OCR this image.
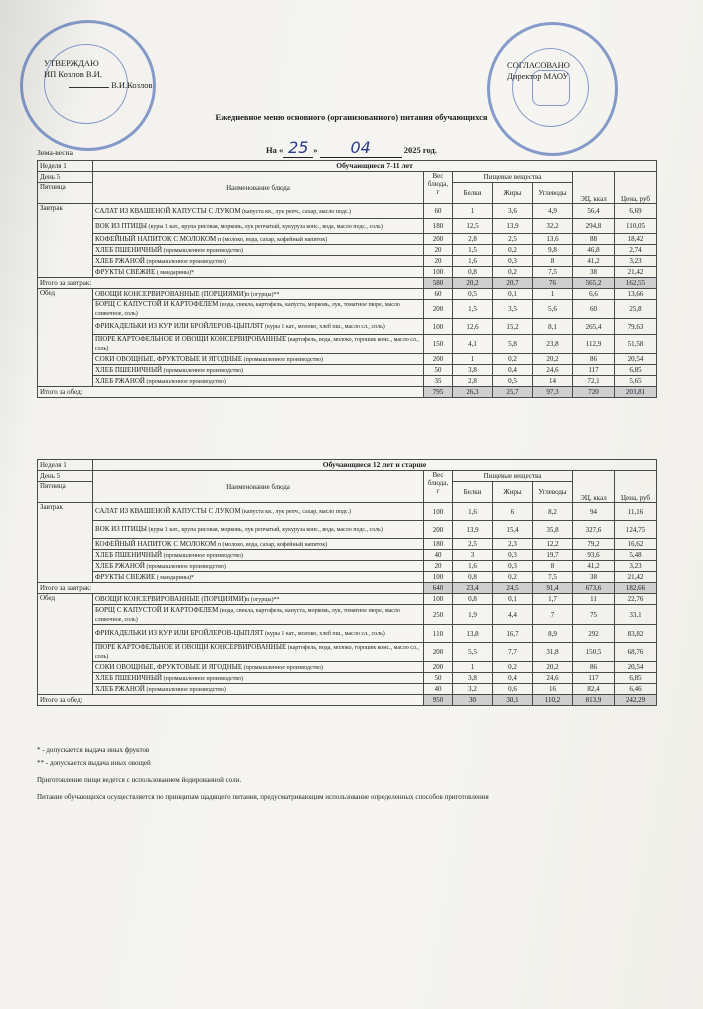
УТВЕРЖДАЮ
ИП Козлов В.И.
В.И.Козлов
СОГЛАСОВАНО
Директор МАОУ
Ежедневное меню основного (организованного) питания обучающихся
На « 25 » 04	2025 год.
Зима-весна
Неделя 1	Обучающиеся 7-11 лет						
День 5	Наименование блюда	Вес блюда, г	Пищевые вещества			ЭЦ, ккал	Цена, руб
Пятница			Белки	Жиры	Углеводы		

Завтрак	САЛАТ ИЗ КВАШЕНОЙ КАПУСТЫ С ЛУКОМ (капуста кв., лук репч., сахар, масло подс.)	60	1	3,6	4,9	56,4	6,69
	ВОК ИЗ ПТИЦЫ (куры 1 кат., крупа рисовая, морковь, лук репчатый, кукуруза конс., вода, масло подс., соль)	180	12,5	13,9	32,2	294,8	110,05
	КОФЕЙНЫЙ НАПИТОК С МОЛОКОМ п (молоко, вода, сахар, кофейный напиток)	200	2,8	2,5	13,6	88	18,42
	ХЛЕБ ПШЕНИЧНЫЙ (промышленное производство)	20	1,5	0,2	9,8	46,8	2,74
	ХЛЕБ РЖАНОЙ (промышленное производство)	20	1,6	0,3	8	41,2	3,23
	ФРУКТЫ СВЕЖИЕ ( мандарины)*	100	0,8	0,2	7,5	38	21,42
Итого за завтрак:		580	20,2	20,7	76	565,2	162,55
Обед	ОВОЩИ КОНСЕРВИРОВАННЫЕ (ПОРЦИЯМИ)п (огурцы)**	60	0,5	0,1	1	6,6	13,66
	БОРЩ С КАПУСТОЙ И КАРТОФЕЛЕМ (вода, свекла, картофель, капуста, морковь, лук, томатное пюре, масло сливочное, соль)	200	1,5	3,5	5,6	60	25,8
	ФРИКАДЕЛЬКИ ИЗ КУР ИЛИ БРОЙЛЕРОВ-ЦЫПЛЯТ (куры 1 кат., молоко, хлеб пш., масло сл., соль)	100	12,6	15,2	8,1	265,4	79,63
	ПЮРЕ КАРТОФЕЛЬНОЕ И ОВОЩИ КОНСЕРВИРОВАННЫЕ (картофель, вода, молоко, горошек конс., масло сл., соль)	150	4,1	5,8	23,8	112,9	51,58
	СОКИ ОВОЩНЫЕ, ФРУКТОВЫЕ И ЯГОДНЫЕ (промышленное производство)	200	1	0,2	20,2	86	20,54
	ХЛЕБ ПШЕНИЧНЫЙ (промышленное производство)	50	3,8	0,4	24,6	117	6,85
	ХЛЕБ РЖАНОЙ (промышленное производство)	35	2,8	0,5	14	72,1	5,65
Итого за обед:		795	26,3	25,7	97,3	720	203,81
Неделя 1	Обучающиеся 12 лет и старше						
День 5	Наименование блюда	Вес блюда, г	Пищевые вещества			ЭЦ, ккал	Цена, руб
Пятница			Белки	Жиры	Углеводы		

Завтрак	САЛАТ ИЗ КВАШЕНОЙ КАПУСТЫ С ЛУКОМ (капуста кв., лук репч., сахар, масло подс.)	100	1,6	6	8,2	94	11,16
	ВОК ИЗ ПТИЦЫ (куры 1 кат., крупа рисовая, морковь, лук репчатый, кукуруза конс., вода, масло подс., соль)	200	13,9	15,4	35,8	327,6	124,75
	КОФЕЙНЫЙ НАПИТОК С МОЛОКОМ п (молоко, вода, сахар, кофейный напиток)	180	2,5	2,3	12,2	79,2	16,62
	ХЛЕБ ПШЕНИЧНЫЙ (промышленное производство)	40	3	0,3	19,7	93,6	5,48
	ХЛЕБ РЖАНОЙ (промышленное производство)	20	1,6	0,3	8	41,2	3,23
	ФРУКТЫ СВЕЖИЕ ( мандарины)*	100	0,8	0,2	7,5	38	21,42
Итого за завтрак:		640	23,4	24,5	91,4	673,6	182,66
Обед	ОВОЩИ КОНСЕРВИРОВАННЫЕ (ПОРЦИЯМИ)п (огурцы)**	100	0,8	0,1	1,7	11	22,76
	БОРЩ С КАПУСТОЙ И КАРТОФЕЛЕМ (вода, свекла, картофель, капуста, морковь, лук, томатное пюре, масло сливочное, соль)	250	1,9	4,4	7	75	33,1
	ФРИКАДЕЛЬКИ ИЗ КУР ИЛИ БРОЙЛЕРОВ-ЦЫПЛЯТ (куры 1 кат., молоко, хлеб пш., масло сл., соль)	110	13,8	16,7	8,9	292	83,82
	ПЮРЕ КАРТОФЕЛЬНОЕ И ОВОЩИ КОНСЕРВИРОВАННЫЕ (картофель, вода, молоко, горошек конс., масло сл., соль)	200	5,5	7,7	31,8	150,5	68,76
	СОКИ ОВОЩНЫЕ, ФРУКТОВЫЕ И ЯГОДНЫЕ (промышленное производство)	200	1	0,2	20,2	86	20,54
	ХЛЕБ ПШЕНИЧНЫЙ (промышленное производство)	50	3,8	0,4	24,6	117	6,85
	ХЛЕБ РЖАНОЙ (промышленное производство)	40	3,2	0,6	16	82,4	6,46
Итого за обед:		950	30	30,1	110,2	813,9	242,29
* - допускается выдача иных фруктов
** - допускается выдача иных овощей
Приготовление пищи ведется с использованием йодированной соли.
Питание обучающихся осуществляется по принципам щадящего питания, предусматривающим использование определенных способов приготовления
